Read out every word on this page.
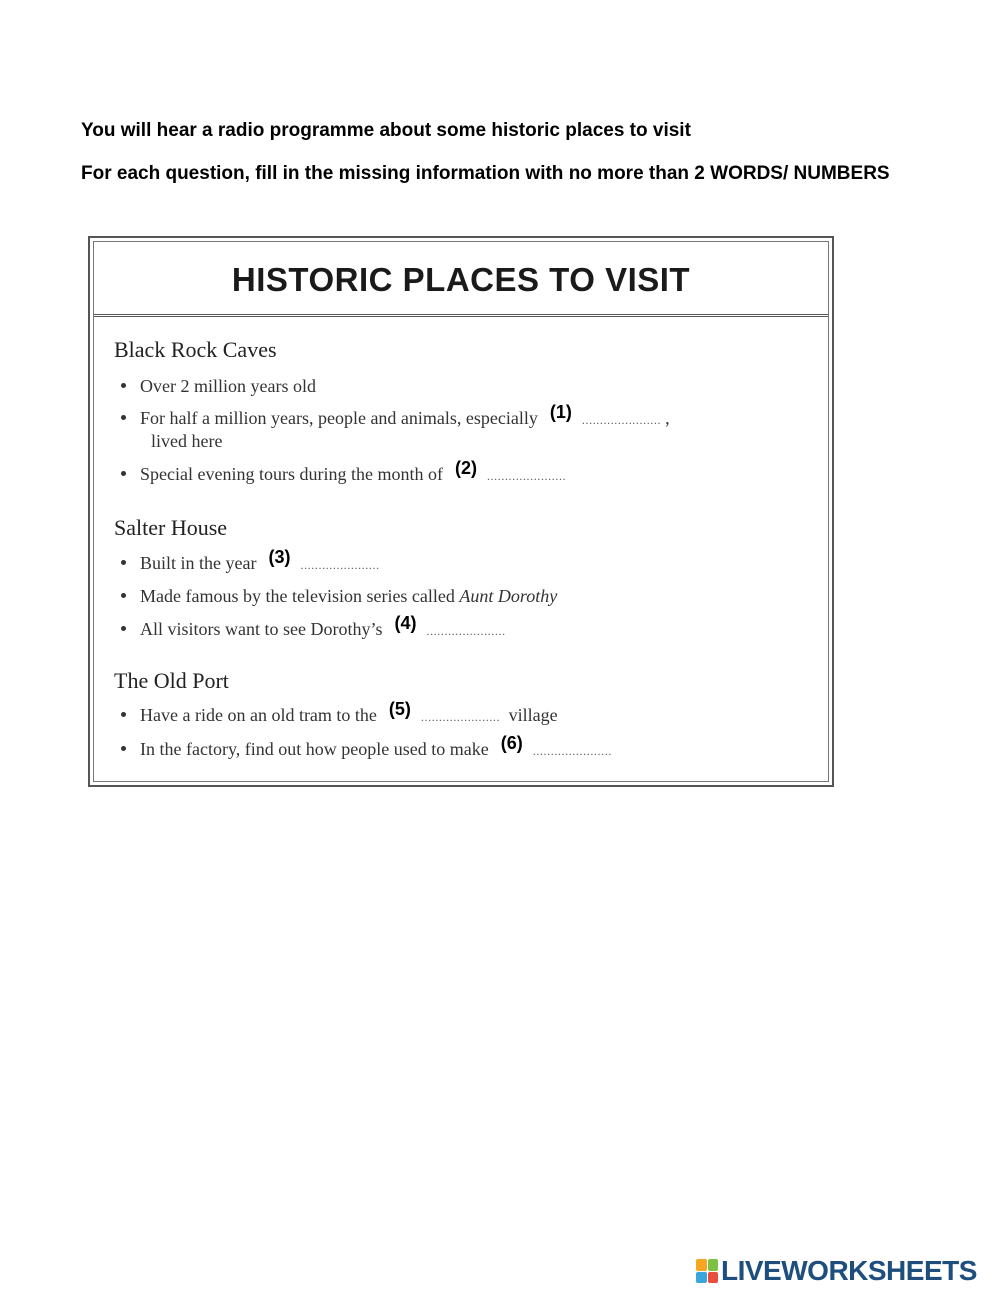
You will hear a radio programme about some historic places to visit
For each question, fill in the missing information with no more than 2 WORDS/ NUMBERS
HISTORIC PLACES TO VISIT
Black Rock Caves
Over 2 million years old
For half a million years, people and animals, especially (1) ...................... ,
lived here
Special evening tours during the month of (2) ......................
Salter House
Built in the year (3) ......................
Made famous by the television series called Aunt Dorothy
All visitors want to see Dorothy’s (4) ......................
The Old Port
Have a ride on an old tram to the (5) ...................... village
In the factory, find out how people used to make (6) ......................
LIVEWORKSHEETS
